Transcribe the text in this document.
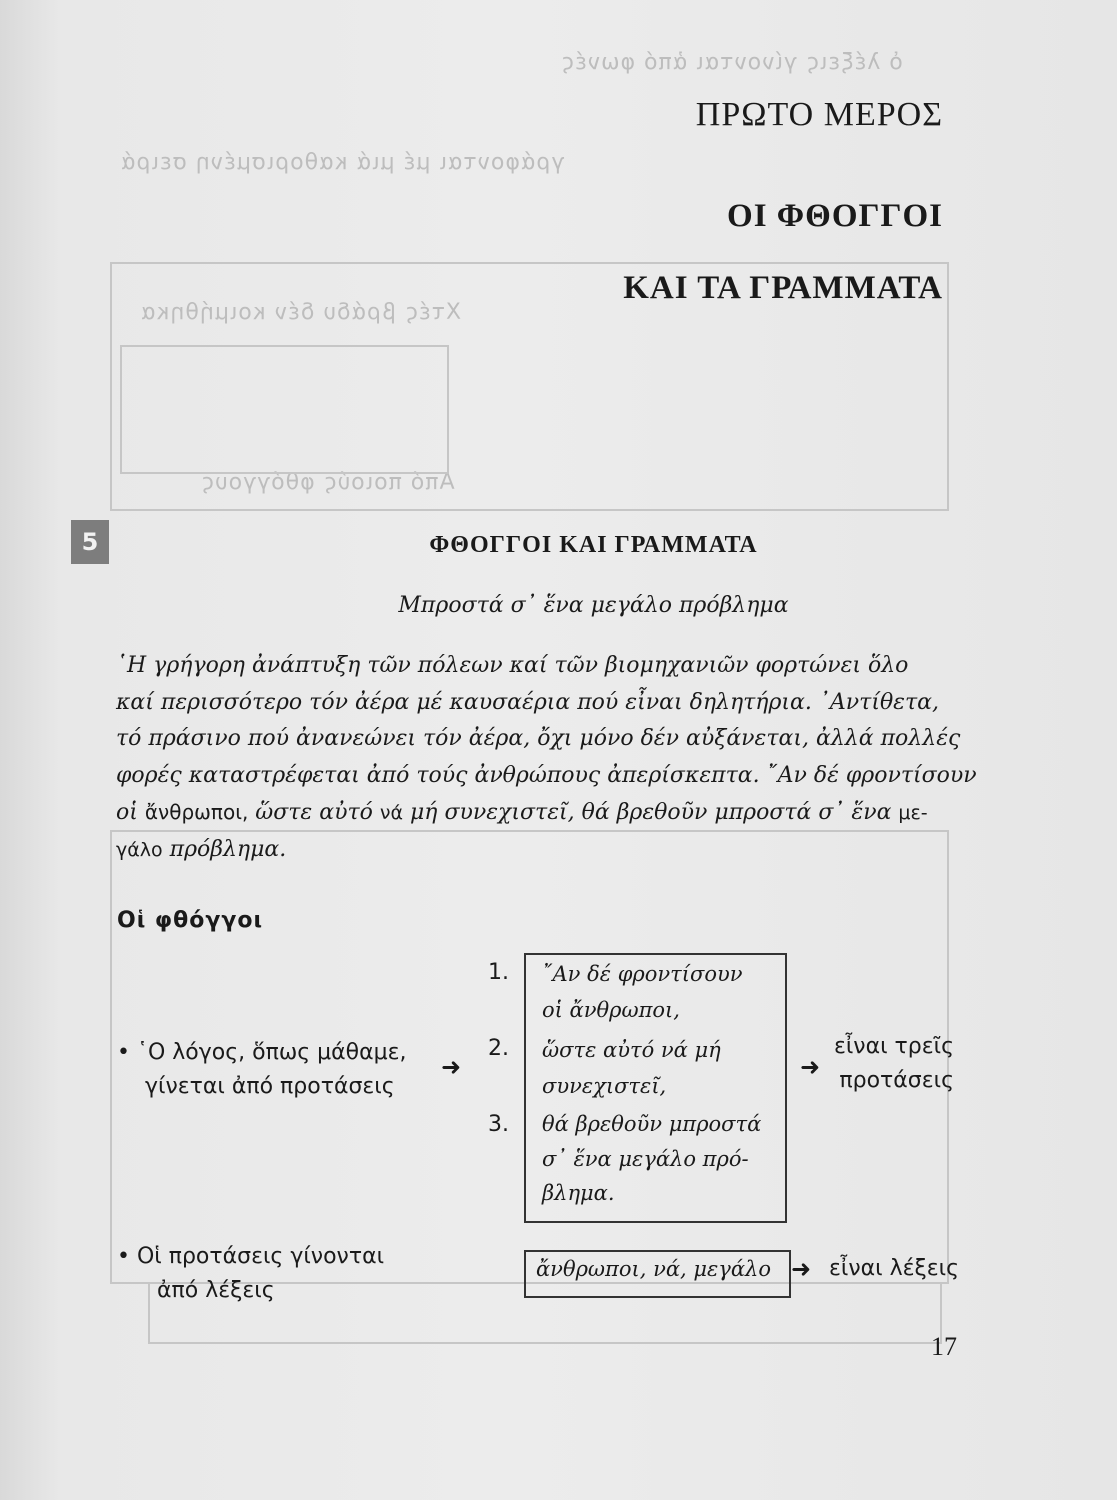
ὁ λέξεις γίνονται ἀπό φωνές
γράφονται μέ μιά καθορισμένη σειρά
Χτές βράδυ δέν κοιμήθηκα
Από ποιούς φθόγγους
ΠΡΩΤΟ ΜΕΡΟΣ
ΟΙ ΦΘΟΓΓΟΙ
ΚΑΙ ΤΑ ΓΡΑΜΜΑΤΑ
5	ΦΘΟΓΓΟΙ ΚΑΙ ΓΡΑΜΜΑΤΑ
Μπροστά σ᾿ ἕνα μεγάλο πρόβλημα
῾Η γρήγορη ἀνάπτυξη τῶν πόλεων καί τῶν βιομηχανιῶν φορτώνει ὅλο
καί περισσότερο τόν ἀέρα μέ καυσαέρια πού εἶναι δηλητήρια. ᾿Αντίθετα,
τό πράσινο πού ἀνανεώνει τόν ἀέρα, ὄχι μόνο δέν αὐξάνεται, ἀλλά πολλές
φορές καταστρέφεται ἀπό τούς ἀνθρώπους ἀπερίσκεπτα. ῎Αν δέ φροντίσουν
οἱ ἄνθρωποι, ὥστε αὐτό νά μή συνεχιστεῖ, θά βρεθοῦν μπροστά σ᾿ ἕνα με-
γάλο πρόβλημα.
Οἱ φθόγγοι
• ῾Ο λόγος, ὅπως μάθαμε,
γίνεται ἀπό προτάσεις
➜
1.
2.
3.
῎Αν δέ φροντίσουν
οἱ ἄνθρωποι,
ὥστε αὐτό νά μή
συνεχιστεῖ,
θά βρεθοῦν μπροστά
σ᾿ ἕνα μεγάλο πρό-
βλημα.
➜
εἶναι τρεῖς
προτάσεις
• Οἱ προτάσεις γίνονται
ἀπό λέξεις
ἄνθρωποι, νά, μεγάλο ➜ εἶναι λέξεις
17
